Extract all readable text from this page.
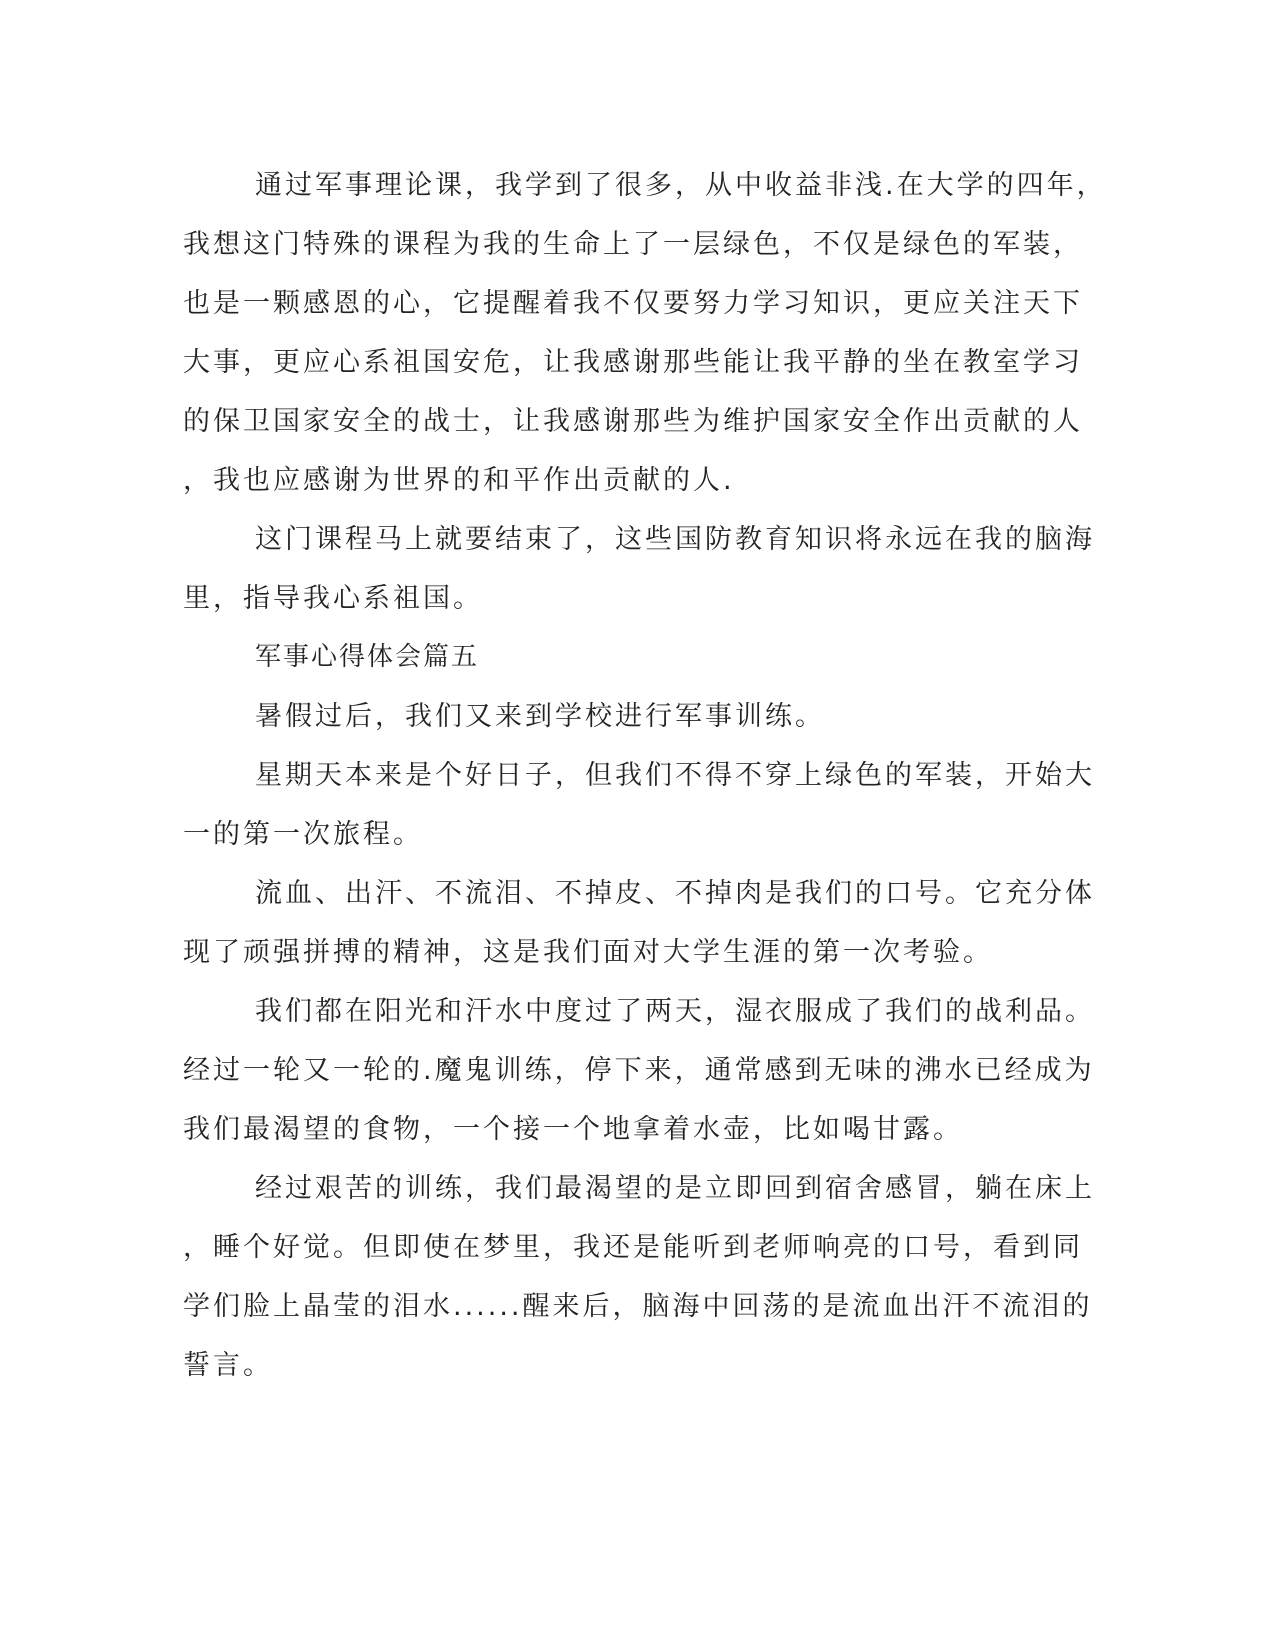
通过军事理论课，我学到了很多，从中收益非浅.在大学的四年，
我想这门特殊的课程为我的生命上了一层绿色，不仅是绿色的军装，
也是一颗感恩的心，它提醒着我不仅要努力学习知识，更应关注天下
大事，更应心系祖国安危，让我感谢那些能让我平静的坐在教室学习
的保卫国家安全的战士，让我感谢那些为维护国家安全作出贡献的人
，我也应感谢为世界的和平作出贡献的人.
这门课程马上就要结束了，这些国防教育知识将永远在我的脑海
里，指导我心系祖国。
军事心得体会篇五
暑假过后，我们又来到学校进行军事训练。
星期天本来是个好日子，但我们不得不穿上绿色的军装，开始大
一的第一次旅程。
流血、出汗、不流泪、不掉皮、不掉肉是我们的口号。它充分体
现了顽强拼搏的精神，这是我们面对大学生涯的第一次考验。
我们都在阳光和汗水中度过了两天，湿衣服成了我们的战利品。
经过一轮又一轮的.魔鬼训练，停下来，通常感到无味的沸水已经成为
我们最渴望的食物，一个接一个地拿着水壶，比如喝甘露。
经过艰苦的训练，我们最渴望的是立即回到宿舍感冒，躺在床上
，睡个好觉。但即使在梦里，我还是能听到老师响亮的口号，看到同
学们脸上晶莹的泪水......醒来后，脑海中回荡的是流血出汗不流泪的
誓言。
